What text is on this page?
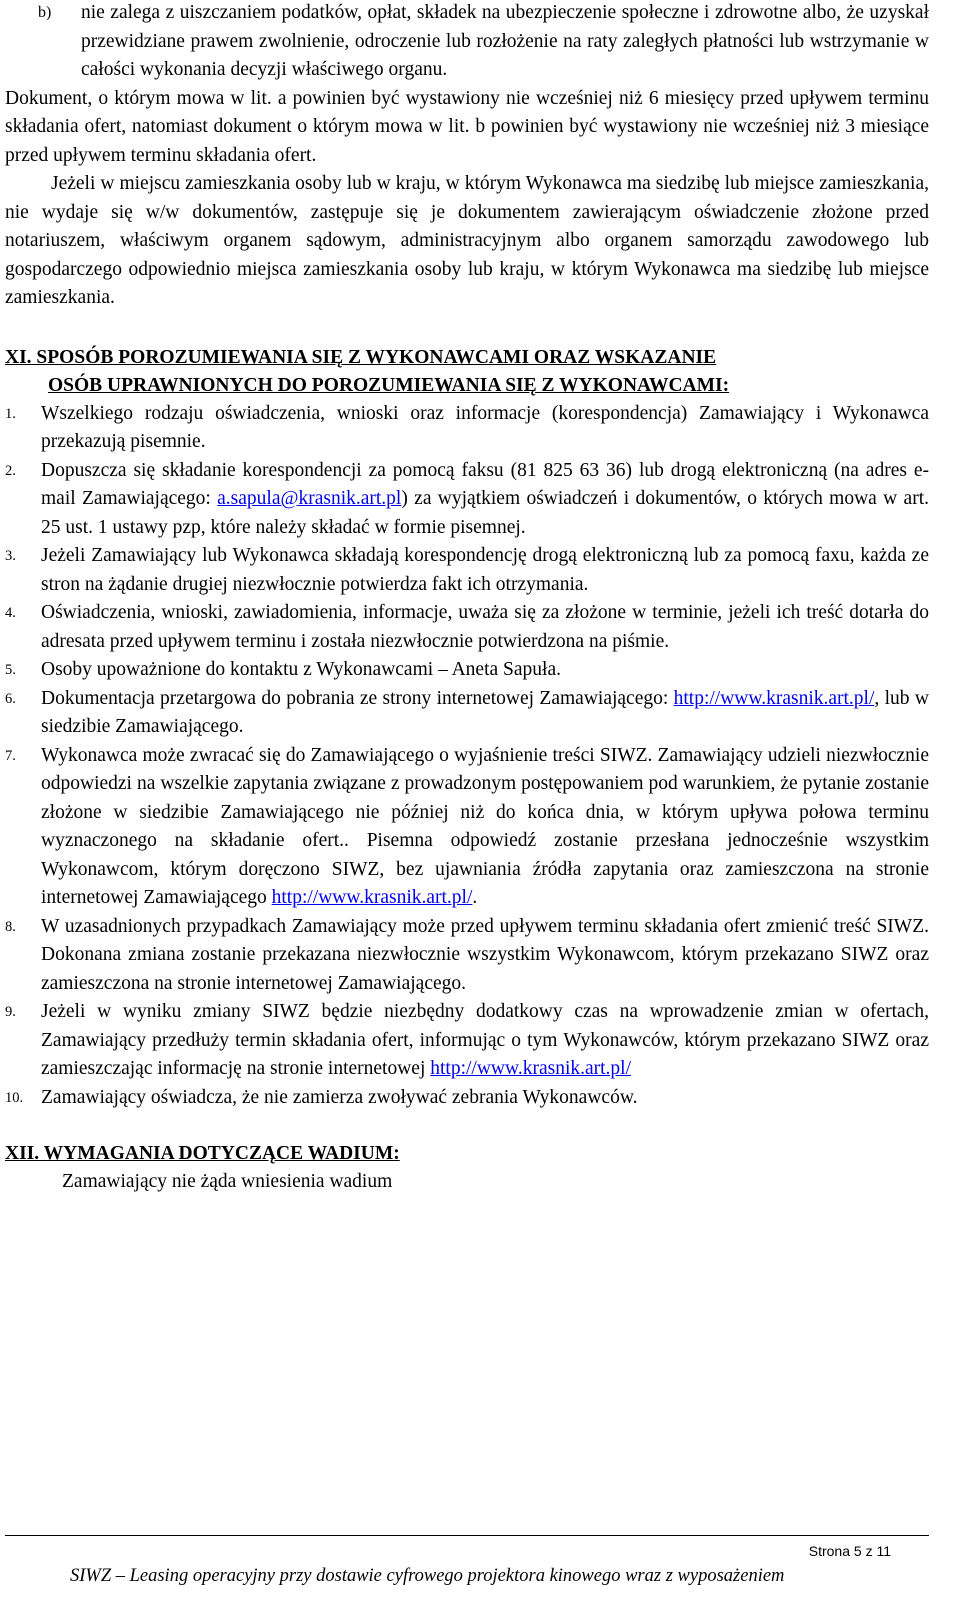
b)	nie zalega z uiszczaniem podatków, opłat, składek na ubezpieczenie społeczne i zdrowotne albo, że uzyskał przewidziane prawem zwolnienie, odroczenie lub rozłożenie na raty zaległych płatności lub wstrzymanie w całości wykonania decyzji właściwego organu.

Dokument, o którym mowa w lit. a powinien być wystawiony nie wcześniej niż 6 miesięcy przed upływem terminu składania ofert, natomiast dokument o którym mowa w lit. b powinien być wystawiony nie wcześniej niż 3 miesiące przed upływem terminu składania ofert.

Jeżeli w miejscu zamieszkania osoby lub w kraju, w którym Wykonawca ma siedzibę lub miejsce zamieszkania, nie wydaje się w/w dokumentów, zastępuje się je dokumentem zawierającym oświadczenie złożone przed notariuszem, właściwym organem sądowym, administracyjnym albo organem samorządu zawodowego lub gospodarczego odpowiednio miejsca zamieszkania osoby lub kraju, w którym Wykonawca ma siedzibę lub miejsce zamieszkania.

XI. SPOSÓB POROZUMIEWANIA SIĘ Z WYKONAWCAMI ORAZ WSKAZANIE
OSÓB UPRAWNIONYCH DO POROZUMIEWANIA SIĘ Z WYKONAWCAMI:
1.	Wszelkiego rodzaju oświadczenia, wnioski oraz informacje (korespondencja) Zamawiający i Wykonawca przekazują pisemnie.
2.	Dopuszcza się składanie korespondencji za pomocą faksu (81 825 63 36) lub drogą elektroniczną (na adres e-mail Zamawiającego: a.sapula@krasnik.art.pl) za wyjątkiem oświadczeń i dokumentów, o których mowa w art. 25 ust. 1 ustawy pzp, które należy składać w formie pisemnej.
3.	Jeżeli Zamawiający lub Wykonawca składają korespondencję drogą elektroniczną lub za pomocą faxu, każda ze stron na żądanie drugiej niezwłocznie potwierdza fakt ich otrzymania.
4.	Oświadczenia, wnioski, zawiadomienia, informacje, uważa się za złożone w terminie, jeżeli ich treść dotarła do adresata przed upływem terminu i została niezwłocznie potwierdzona na piśmie.
5.	Osoby upoważnione do kontaktu z Wykonawcami – Aneta Sapuła.
6.	Dokumentacja przetargowa do pobrania ze strony internetowej Zamawiającego: http://www.krasnik.art.pl/, lub w siedzibie Zamawiającego.
7.	Wykonawca może zwracać się do Zamawiającego o wyjaśnienie treści SIWZ. Zamawiający udzieli niezwłocznie odpowiedzi na wszelkie zapytania związane z prowadzonym postępowaniem pod warunkiem, że pytanie zostanie złożone w siedzibie Zamawiającego nie później niż do końca dnia, w którym upływa połowa terminu wyznaczonego na składanie ofert.. Pisemna odpowiedź zostanie przesłana jednocześnie wszystkim Wykonawcom, którym doręczono SIWZ, bez ujawniania źródła zapytania oraz zamieszczona na stronie internetowej Zamawiającego http://www.krasnik.art.pl/.
8.	W uzasadnionych przypadkach Zamawiający może przed upływem terminu składania ofert zmienić treść SIWZ. Dokonana zmiana zostanie przekazana niezwłocznie wszystkim Wykonawcom, którym przekazano SIWZ oraz zamieszczona na stronie internetowej Zamawiającego.
9.	Jeżeli w wyniku zmiany SIWZ będzie niezbędny dodatkowy czas na wprowadzenie zmian w ofertach, Zamawiający przedłuży termin składania ofert, informując o tym Wykonawców, którym przekazano SIWZ oraz zamieszczając informację na stronie internetowej http://www.krasnik.art.pl/
10. Zamawiający oświadcza, że nie zamierza zwoływać zebrania Wykonawców.
XII. WYMAGANIA DOTYCZĄCE WADIUM:
Zamawiający nie żąda wniesienia wadium
Strona 5 z 11
SIWZ – Leasing operacyjny przy dostawie cyfrowego projektora kinowego wraz z wyposażeniem
